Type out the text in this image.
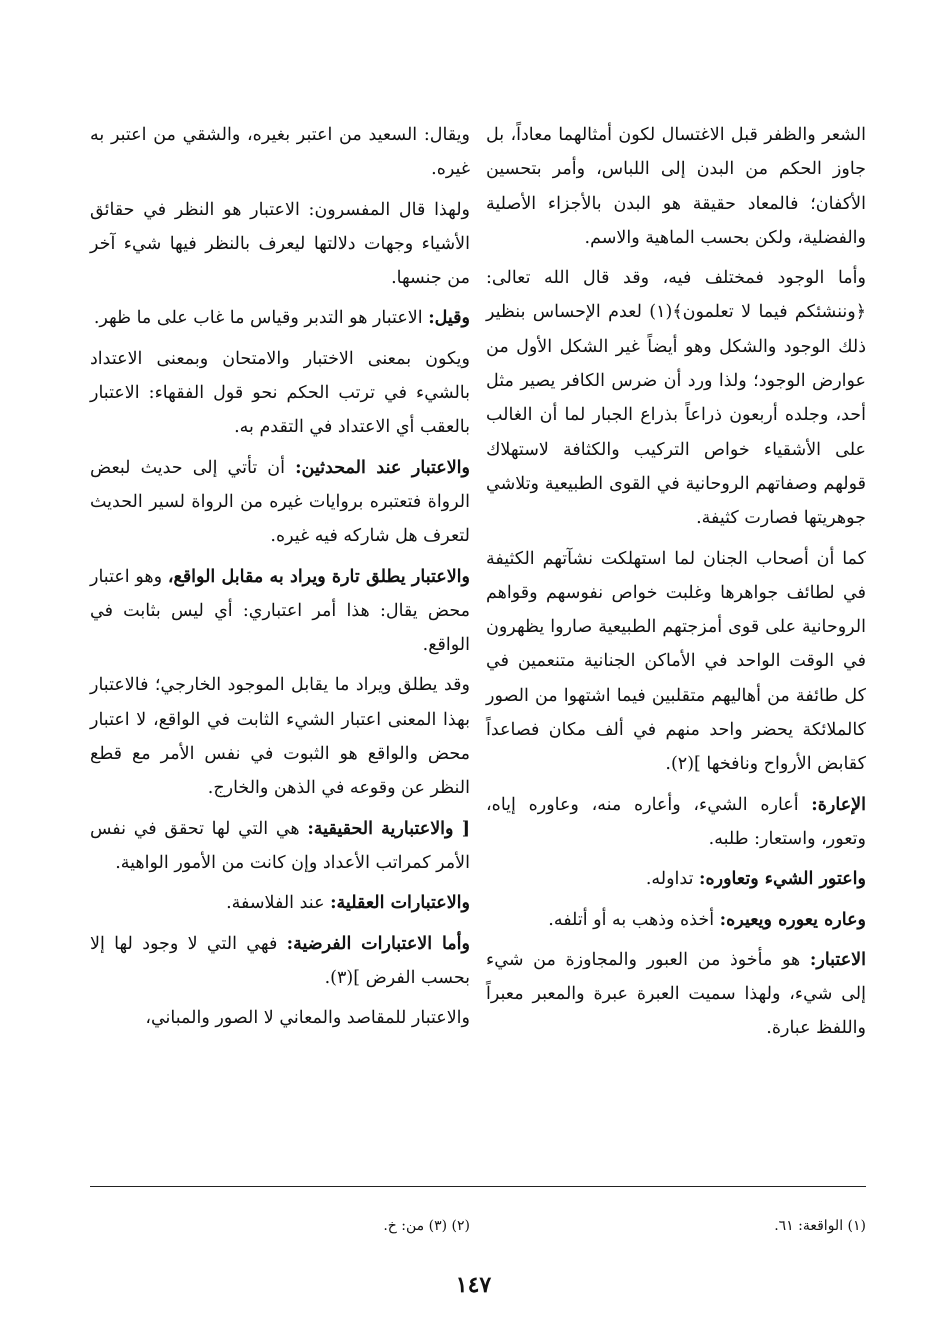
الشعر والظفر قبل الاغتسال لكون أمثالهما معاداً، بل جاوز الحكم من البدن إلى اللباس، وأمر بتحسين الأكفان؛ فالمعاد حقيقة هو البدن بالأجزاء الأصلية والفضلية، ولكن بحسب الماهية والاسم.

وأما الوجود فمختلف فيه، وقد قال الله تعالى: ﴿وننشئكم فيما لا تعلمون﴾(١) لعدم الإحساس بنظير ذلك الوجود والشكل وهو أيضاً غير الشكل الأول من عوارض الوجود؛ ولذا ورد أن ضرس الكافر يصير مثل أحد، وجلده أربعون ذراعاً بذراع الجبار لما أن الغالب على الأشقياء خواص التركيب والكثافة لاستهلاك قولهم وصفاتهم الروحانية في القوى الطبيعية وتلاشي جوهريتها فصارت كثيفة.

كما أن أصحاب الجنان لما استهلكت نشآتهم الكثيفة في لطائف جواهرها وغلبت خواص نفوسهم وقواهم الروحانية على قوى أمزجتهم الطبيعية صاروا يظهرون في الوقت الواحد في الأماكن الجنانية متنعمين في كل طائفة من أهاليهم متقلبين فيما اشتهوا من الصور كالملائكة يحضر واحد منهم في ألف مكان فصاعداً كقابض الأرواح ونافخها ](٢).

الإعارة: أعاره الشيء، وأعاره منه، وعاوره إياه، وتعور، واستعار: طلبه.

واعتور الشيء وتعاوره: تداوله.

وعاره يعوره ويعيره: أخذه وذهب به أو أتلفه.

الاعتبار: هو مأخوذ من العبور والمجاوزة من شيء إلى شيء، ولهذا سميت العبرة عبرة والمعبر معبراً واللفظ عبارة.

ويقال: السعيد من اعتبر بغيره، والشقي من اعتبر به غيره.

ولهذا قال المفسرون: الاعتبار هو النظر في حقائق الأشياء وجهات دلالتها ليعرف بالنظر فيها شيء آخر من جنسها.

وقيل: الاعتبار هو التدبر وقياس ما غاب على ما ظهر.

ويكون بمعنى الاختبار والامتحان وبمعنى الاعتداد بالشيء في ترتب الحكم نحو قول الفقهاء: الاعتبار بالعقب أي الاعتداد في التقدم به.

والاعتبار عند المحدثين: أن تأتي إلى حديث لبعض الرواة فتعتبره بروايات غيره من الرواة لسير الحديث لتعرف هل شاركه فيه غيره.

والاعتبار يطلق تارة ويراد به مقابل الواقع، وهو اعتبار محض يقال: هذا أمر اعتباري: أي ليس بثابت في الواقع.

وقد يطلق ويراد ما يقابل الموجود الخارجي؛ فالاعتبار بهذا المعنى اعتبار الشيء الثابت في الواقع، لا اعتبار محض والواقع هو الثبوت في نفس الأمر مع قطع النظر عن وقوعه في الذهن والخارج.

[ والاعتبارية الحقيقية: هي التي لها تحقق في نفس الأمر كمراتب الأعداد وإن كانت من الأمور الواهية.

والاعتبارات العقلية: عند الفلاسفة.

وأما الاعتبارات الفرضية: فهي التي لا وجود لها إلا بحسب الفرض ](٣).

والاعتبار للمقاصد والمعاني لا الصور والمباني،

(١) الواقعة: ٦١.
(٢) (٣) من: خ.
١٤٧
